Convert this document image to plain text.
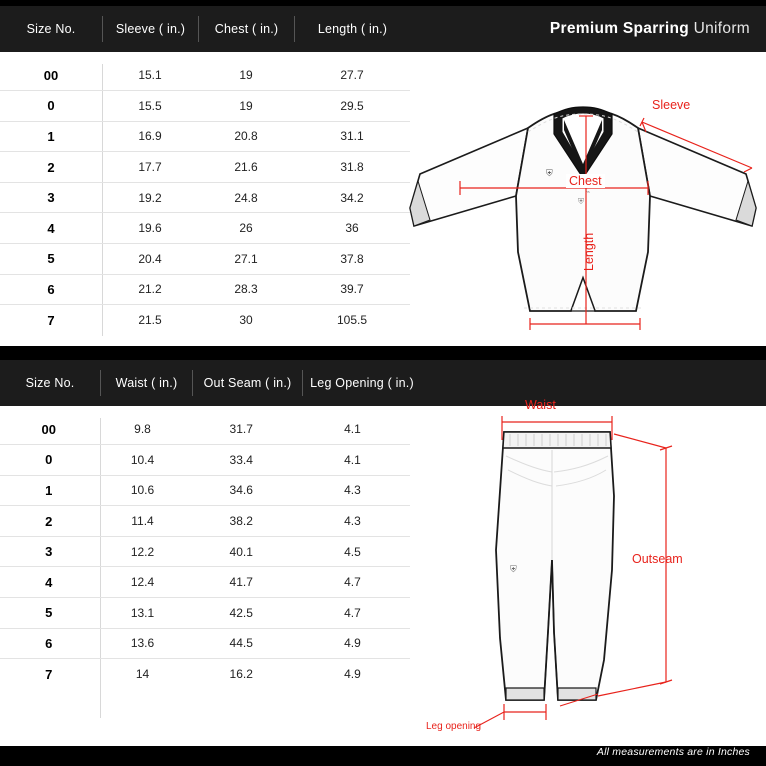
Size No.	Sleeve ( in.)	Chest ( in.)	Length ( in.)	Premium Sparring Uniform
00	15.1	19	27.7
0	15.5	19	29.5
1	16.9	20.8	31.1
2	17.7	21.6	31.8
3	19.2	24.8	34.2
4	19.6	26	36
5	20.4	27.1	37.8
6	21.2	28.3	39.7
7	21.5	30	105.5
⛨
⛨
⛨
⌁
Sleeve
Chest
Length
Size No.	Waist ( in.)	Out Seam ( in.)	Leg Opening ( in.)
00	9.8	31.7	4.1
0	10.4	33.4	4.1
1	10.6	34.6	4.3
2	11.4	38.2	4.3
3	12.2	40.1	4.5
4	12.4	41.7	4.7
5	13.1	42.5	4.7
6	13.6	44.5	4.9
7	14	16.2	4.9
⛨
Waist
Outseam
Leg opening
All measurements are in Inches
